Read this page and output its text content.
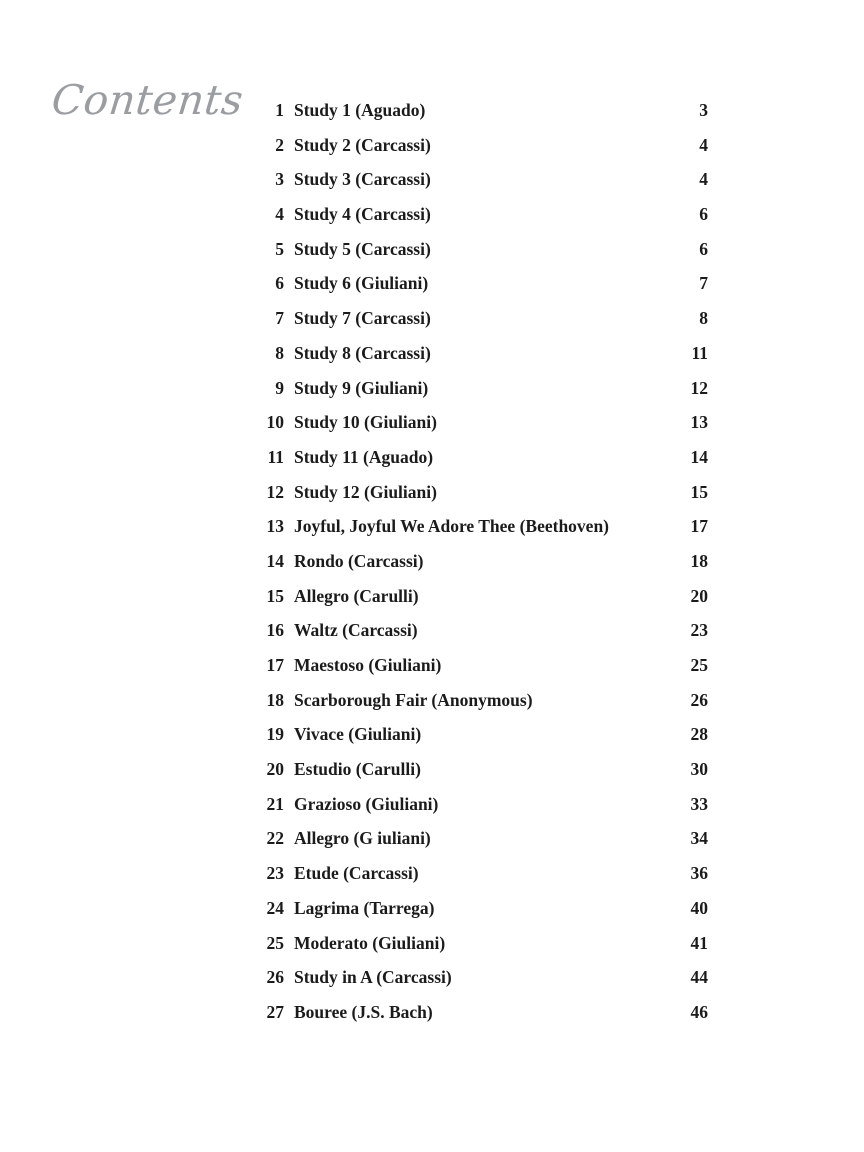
Contents	1 Study 1 (Aguado)	3
2 Study 2 (Carcassi)	4
3 Study 3 (Carcassi)	4
4 Study 4 (Carcassi)	6
5 Study 5 (Carcassi)	6
6 Study 6 (Giuliani)	7
7 Study 7 (Carcassi)	8
8 Study 8 (Carcassi)	11
9 Study 9 (Giuliani)	12
10 Study 10 (Giuliani)	13
11 Study 11 (Aguado)	14
12 Study 12 (Giuliani)	15
13 Joyful, Joyful We Adore Thee (Beethoven)	17
14 Rondo (Carcassi)	18
15 Allegro (Carulli)	20
16 Waltz (Carcassi)	23
17 Maestoso (Giuliani)	25
18 Scarborough Fair (Anonymous)	26
19 Vivace (Giuliani)	28
20 Estudio (Carulli)	30
21 Grazioso (Giuliani)	33
22 Allegro (G iuliani)	34
23 Etude (Carcassi)	36
24 Lagrima (Tarrega)	40
25 Moderato (Giuliani)	41
26 Study in A (Carcassi)	44
27 Bouree (J.S. Bach)	46
